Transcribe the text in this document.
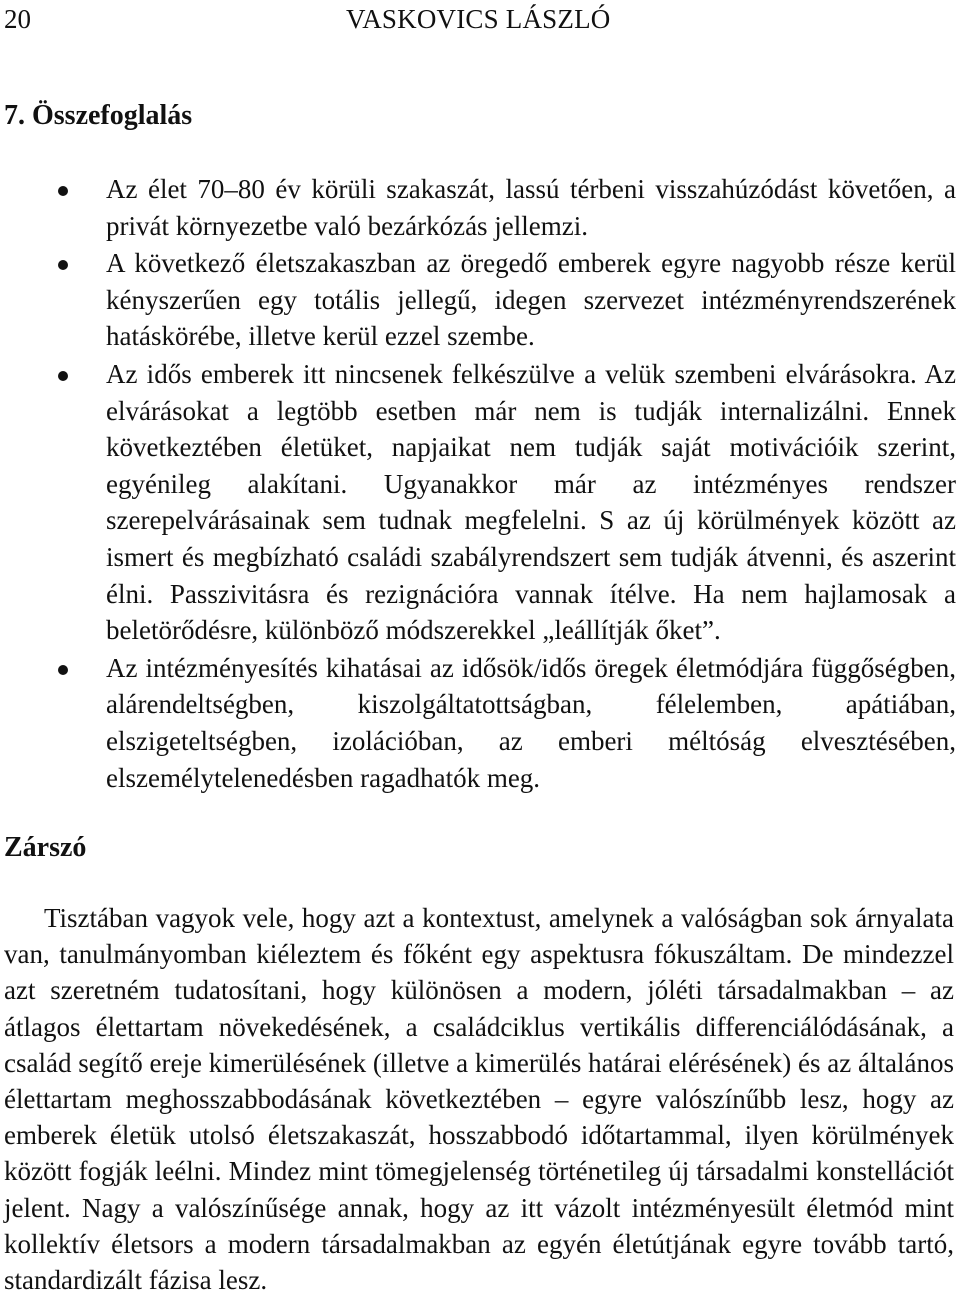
20	VASKOVICS LÁSZLÓ
7. Összefoglalás
Az élet 70–80 év körüli szakaszát, lassú térbeni visszahúzódást követően, a privát környezetbe való bezárkózás jellemzi.
A következő életszakaszban az öregedő emberek egyre nagyobb része kerül kényszerűen egy totális jellegű, idegen szervezet intézményrendszerének hatáskörébe, illetve kerül ezzel szembe.
Az idős emberek itt nincsenek felkészülve a velük szembeni elvárásokra. Az elvárásokat a legtöbb esetben már nem is tudják internalizálni. Ennek következtében életüket, napjaikat nem tudják saját motivációik szerint, egyénileg alakítani. Ugyanakkor már az intézményes rendszer szerepelvárásainak sem tudnak megfelelni. S az új körülmények között az ismert és megbízható családi szabályrendszert sem tudják átvenni, és aszerint élni. Passzivitásra és rezignációra vannak ítélve. Ha nem hajlamosak a beletörődésre, különböző módszerekkel „leállítják őket”.
Az intézményesítés kihatásai az idősök/idős öregek életmódjára függőségben, alárendeltségben, kiszolgáltatottságban, félelemben, apátiában, elszigeteltségben, izolációban, az emberi méltóság elvesztésében, elszemélytelenedésben ragadhatók meg.
Zárszó

Tisztában vagyok vele, hogy azt a kontextust, amelynek a valóságban sok árnyalata van, tanulmányomban kiéleztem és főként egy aspektusra fókuszáltam. De mindezzel azt szeretném tudatosítani, hogy különösen a modern, jóléti társadalmakban – az átlagos élettartam növekedésének, a családciklus vertikális differenciálódásának, a család segítő ereje kimerülésének (illetve a kimerülés határai elérésének) és az általános élettartam meghosszabbodásának következtében – egyre valószínűbb lesz, hogy az emberek életük utolsó életszakaszát, hosszabbodó időtartammal, ilyen körülmények között fogják leélni. Mindez mint tömegjelenség történetileg új társadalmi konstellációt jelent. Nagy a valószínűsége annak, hogy az itt vázolt intézményesült életmód mint kollektív életsors a modern társadalmakban az egyén életútjának egyre tovább tartó, standardizált fázisa lesz.
